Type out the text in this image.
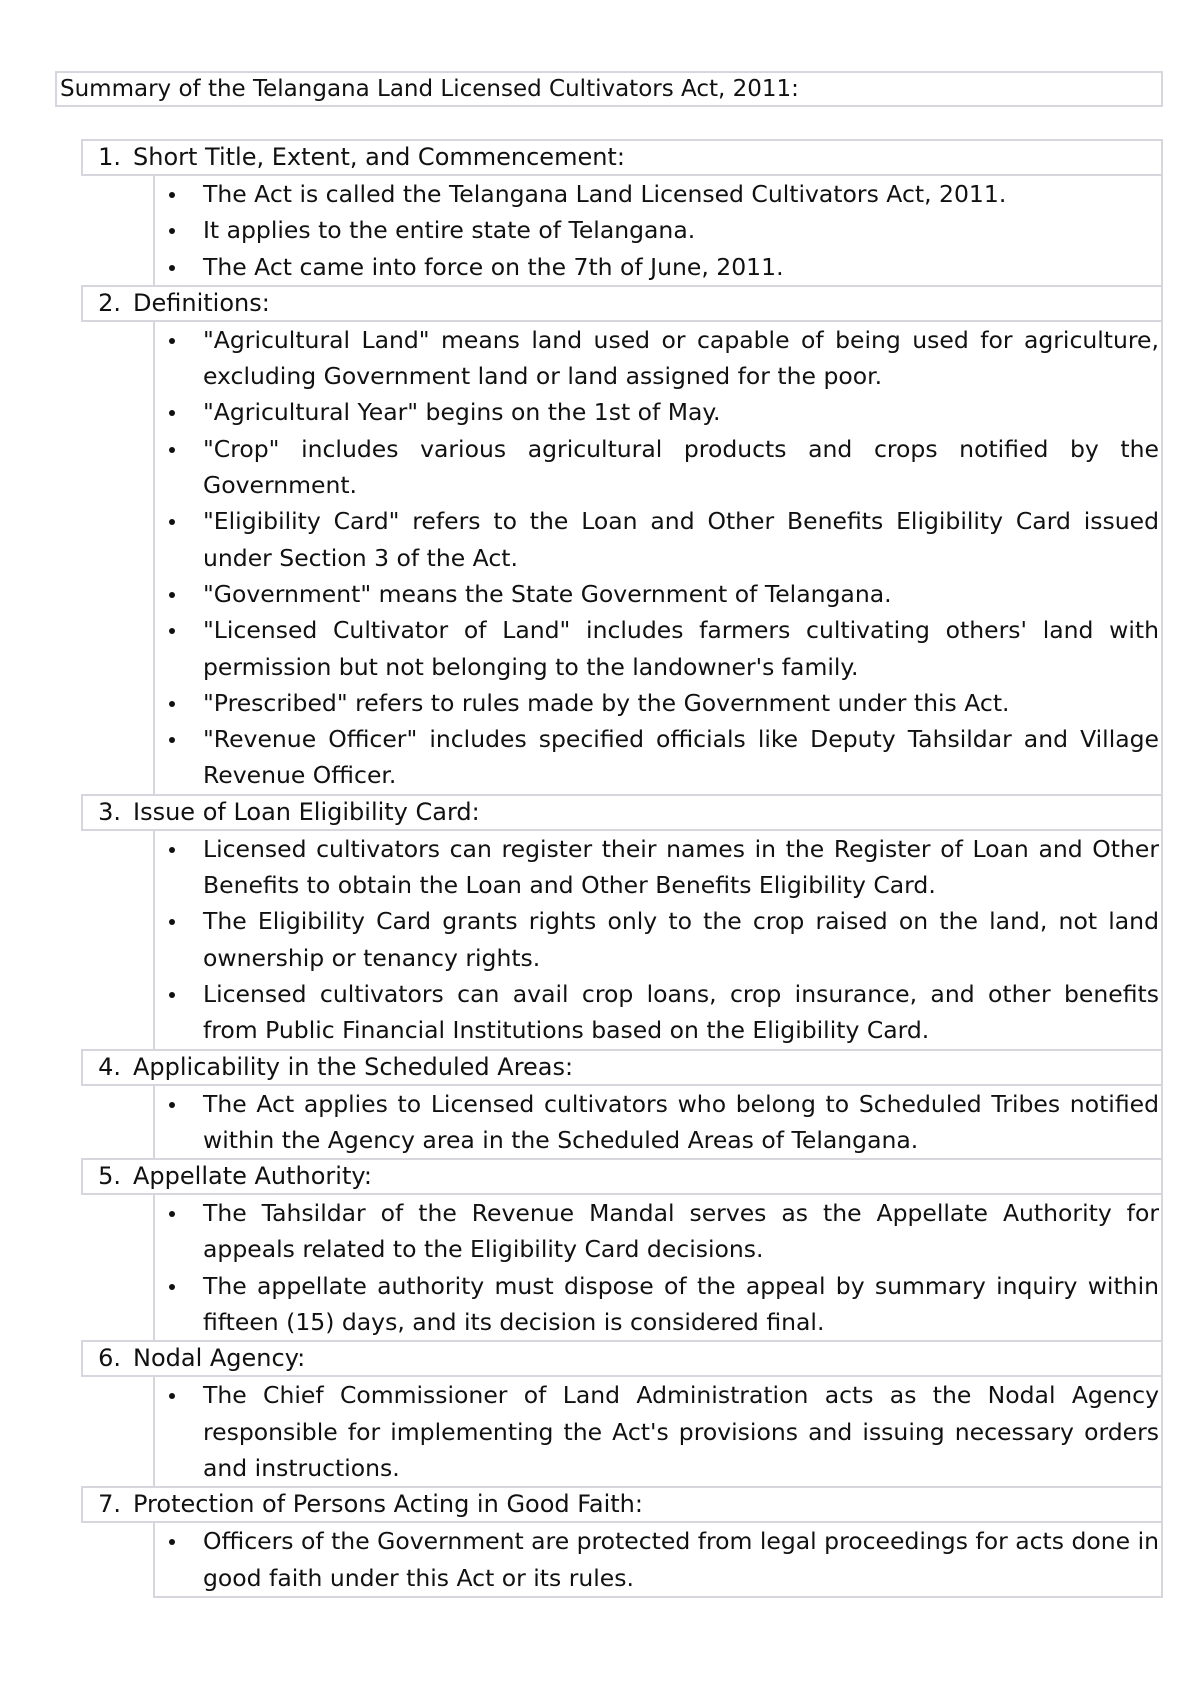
Summary of the Telangana Land Licensed Cultivators Act, 2011:
1. Short Title, Extent, and Commencement:
The Act is called the Telangana Land Licensed Cultivators Act, 2011.
It applies to the entire state of Telangana.
The Act came into force on the 7th of June, 2011.
2. Definitions:
"Agricultural Land" means land used or capable of being used for agriculture, excluding Government land or land assigned for the poor.
"Agricultural Year" begins on the 1st of May.
"Crop" includes various agricultural products and crops notified by the Government.
"Eligibility Card" refers to the Loan and Other Benefits Eligibility Card issued under Section 3 of the Act.
"Government" means the State Government of Telangana.
"Licensed Cultivator of Land" includes farmers cultivating others' land with permission but not belonging to the landowner's family.
"Prescribed" refers to rules made by the Government under this Act.
"Revenue Officer" includes specified officials like Deputy Tahsildar and Village Revenue Officer.
3. Issue of Loan Eligibility Card:
Licensed cultivators can register their names in the Register of Loan and Other Benefits to obtain the Loan and Other Benefits Eligibility Card.
The Eligibility Card grants rights only to the crop raised on the land, not land ownership or tenancy rights.
Licensed cultivators can avail crop loans, crop insurance, and other benefits from Public Financial Institutions based on the Eligibility Card.
4. Applicability in the Scheduled Areas:
The Act applies to Licensed cultivators who belong to Scheduled Tribes notified within the Agency area in the Scheduled Areas of Telangana.
5. Appellate Authority:
The Tahsildar of the Revenue Mandal serves as the Appellate Authority for appeals related to the Eligibility Card decisions.
The appellate authority must dispose of the appeal by summary inquiry within fifteen (15) days, and its decision is considered final.
6. Nodal Agency:
The Chief Commissioner of Land Administration acts as the Nodal Agency responsible for implementing the Act's provisions and issuing necessary orders and instructions.
7. Protection of Persons Acting in Good Faith:
Officers of the Government are protected from legal proceedings for acts done in good faith under this Act or its rules.
